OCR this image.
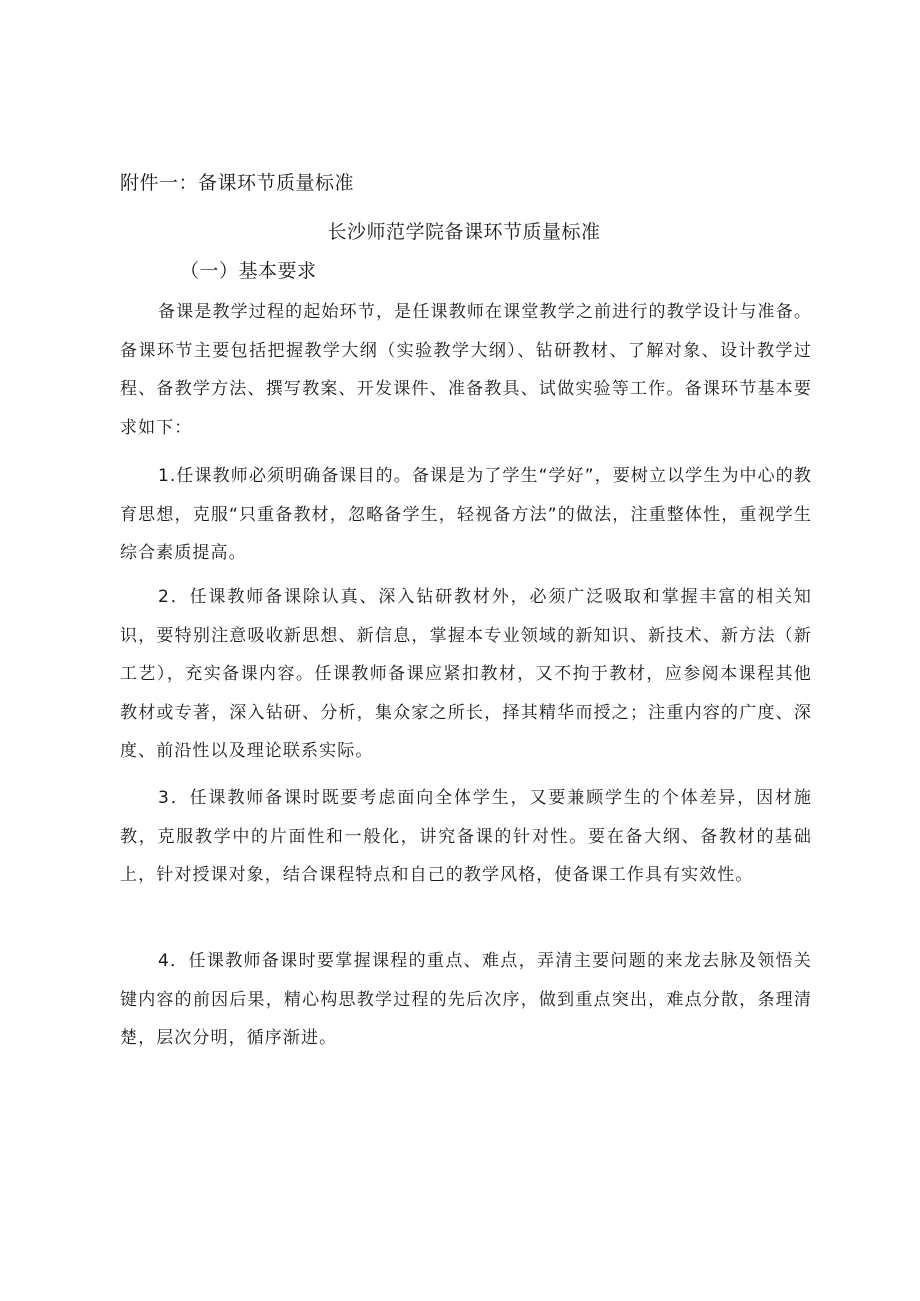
附件一：备课环节质量标准
长沙师范学院备课环节质量标准
（一）基本要求

备课是教学过程的起始环节，是任课教师在课堂教学之前进行的教学设计与准备。备课环节主要包括把握教学大纲（实验教学大纲）、钻研教材、了解对象、设计教学过程、备教学方法、撰写教案、开发课件、准备教具、试做实验等工作。备课环节基本要求如下：

1.任课教师必须明确备课目的。备课是为了学生“学好”，要树立以学生为中心的教育思想，克服“只重备教材，忽略备学生，轻视备方法”的做法，注重整体性，重视学生综合素质提高。

2．任课教师备课除认真、深入钻研教材外，必须广泛吸取和掌握丰富的相关知识，要特别注意吸收新思想、新信息，掌握本专业领域的新知识、新技术、新方法（新工艺），充实备课内容。任课教师备课应紧扣教材，又不拘于教材，应参阅本课程其他教材或专著，深入钻研、分析，集众家之所长，择其精华而授之；注重内容的广度、深度、前沿性以及理论联系实际。

3．任课教师备课时既要考虑面向全体学生，又要兼顾学生的个体差异，因材施教，克服教学中的片面性和一般化，讲究备课的针对性。要在备大纲、备教材的基础上，针对授课对象，结合课程特点和自己的教学风格，使备课工作具有实效性。

4．任课教师备课时要掌握课程的重点、难点，弄清主要问题的来龙去脉及领悟关键内容的前因后果，精心构思教学过程的先后次序，做到重点突出，难点分散，条理清楚，层次分明，循序渐进。
